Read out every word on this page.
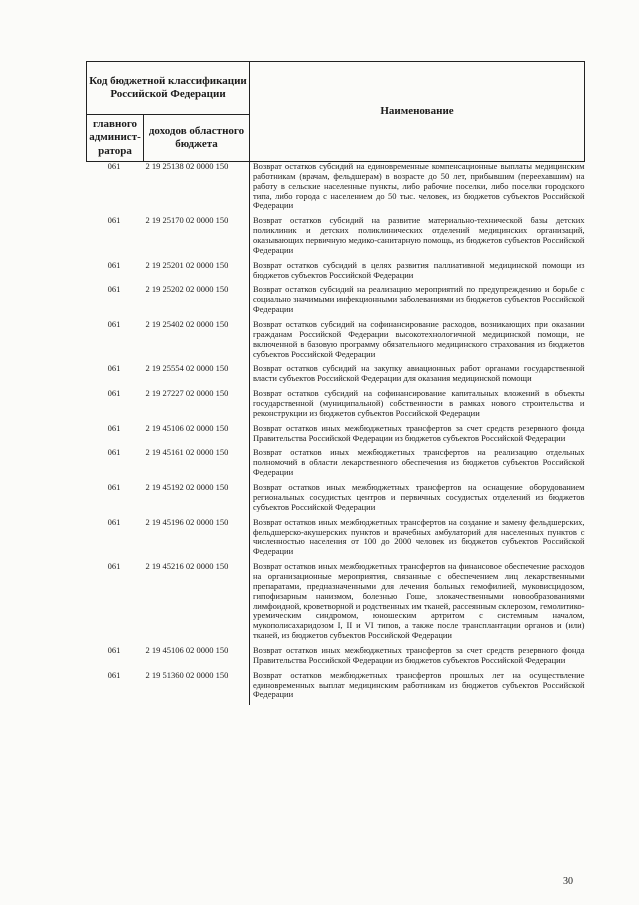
Код бюджетной классификации Российской Федерации		Наименование
главного админист-ратора	доходов областного бюджета	
061	2 19 25138 02 0000 150	Возврат остатков субсидий на единовременные компенсационные выплаты медицинским работникам (врачам, фельдшерам) в возрасте до 50 лет, прибывшим (переехавшим) на работу в сельские населенные пункты, либо рабочие поселки, либо поселки городского типа, либо города с населением до 50 тыс. человек, из бюджетов субъектов Российской Федерации
061	2 19 25170 02 0000 150	Возврат остатков субсидий на развитие материально-технической базы детских поликлиник и детских поликлинических отделений медицинских организаций, оказывающих первичную медико-санитарную помощь, из бюджетов субъектов Российской Федерации
061	2 19 25201 02 0000 150	Возврат остатков субсидий в целях развития паллиативной медицинской помощи из бюджетов субъектов Российской Федерации
061	2 19 25202 02 0000 150	Возврат остатков субсидий на реализацию мероприятий по предупреждению и борьбе с социально значимыми инфекционными заболеваниями из бюджетов субъектов Российской Федерации
061	2 19 25402 02 0000 150	Возврат остатков субсидий на софинансирование расходов, возникающих при оказании гражданам Российской Федерации высокотехнологичной медицинской помощи, не включенной в базовую программу обязательного медицинского страхования из бюджетов субъектов Российской Федерации
061	2 19 25554 02 0000 150	Возврат остатков субсидий на закупку авиационных работ органами государственной власти субъектов Российской Федерации для оказания медицинской помощи
061	2 19 27227 02 0000 150	Возврат остатков субсидий на софинансирование капитальных вложений в объекты государственной (муниципальной) собственности в рамках нового строительства и реконструкции из бюджетов субъектов Российской Федерации
061	2 19 45106 02 0000 150	Возврат остатков иных межбюджетных трансфертов за счет средств резервного фонда Правительства Российской Федерации из бюджетов субъектов Российской Федерации
061	2 19 45161 02 0000 150	Возврат остатков иных межбюджетных трансфертов на реализацию отдельных полномочий в области лекарственного обеспечения из бюджетов субъектов Российской Федерации
061	2 19 45192 02 0000 150	Возврат остатков иных межбюджетных трансфертов на оснащение оборудованием региональных сосудистых центров и первичных сосудистых отделений из бюджетов субъектов Российской Федерации
061	2 19 45196 02 0000 150	Возврат остатков иных межбюджетных трансфертов на создание и замену фельдшерских, фельдшерско-акушерских пунктов и врачебных амбулаторий для населенных пунктов с численностью населения от 100 до 2000 человек из бюджетов субъектов Российской Федерации
061	2 19 45216 02 0000 150	Возврат остатков иных межбюджетных трансфертов на финансовое обеспечение расходов на организационные мероприятия, связанные с обеспечением лиц лекарственными препаратами, предназначенными для лечения больных гемофилией, муковисцидозом, гипофизарным нанизмом, болезнью Гоше, злокачественными новообразованиями лимфоидной, кроветворной и родственных им тканей, рассеянным склерозом, гемолитико-уремическим синдромом, юношеским артритом с системным началом, мукополисахаридозом I, II и VI типов, а также после трансплантации органов и (или) тканей, из бюджетов субъектов Российской Федерации
061	2 19 45106 02 0000 150	Возврат остатков иных межбюджетных трансфертов за счет средств резервного фонда Правительства Российской Федерации из бюджетов субъектов Российской Федерации
061	2 19 51360 02 0000 150	Возврат остатков межбюджетных трансфертов прошлых лет на осуществление единовременных выплат медицинским работникам из бюджетов субъектов Российской Федерации
30
